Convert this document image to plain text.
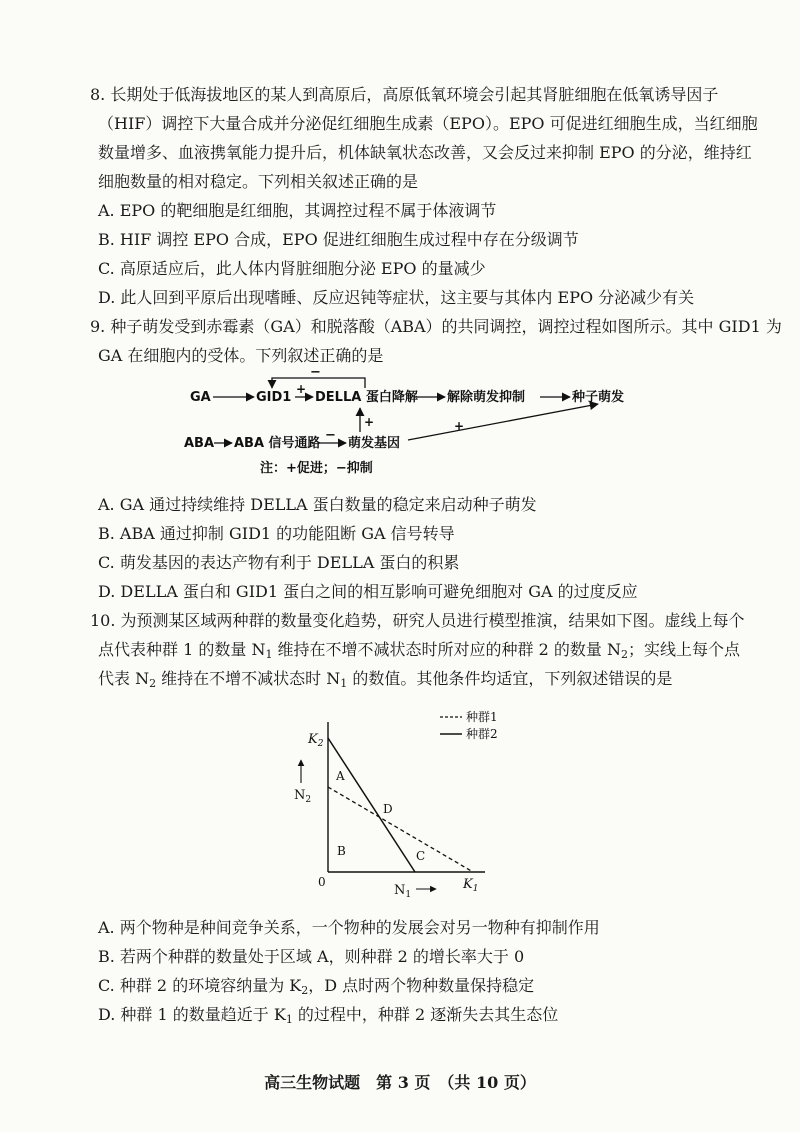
8. 长期处于低海拔地区的某人到高原后，高原低氧环境会引起其肾脏细胞在低氧诱导因子
（HIF）调控下大量合成并分泌促红细胞生成素（EPO）。EPO 可促进红细胞生成，当红细胞
数量增多、血液携氧能力提升后，机体缺氧状态改善，又会反过来抑制 EPO 的分泌，维持红
细胞数量的相对稳定。下列相关叙述正确的是
A. EPO 的靶细胞是红细胞，其调控过程不属于体液调节
B. HIF 调控 EPO 合成，EPO 促进红细胞生成过程中存在分级调节
C. 高原适应后，此人体内肾脏细胞分泌 EPO 的量减少
D. 此人回到平原后出现嗜睡、反应迟钝等症状，这主要与其体内 EPO 分泌减少有关
9. 种子萌发受到赤霉素（GA）和脱落酸（ABA）的共同调控，调控过程如图所示。其中 GID1 为
GA 在细胞内的受体。下列叙述正确的是
GA	GID1
+
DELLA 蛋白降解
−
解除萌发抑制	种子萌发
ABA ABA 信号通路
−
萌发基因
+	+
注：+促进；−抑制
A. GA 通过持续维持 DELLA 蛋白数量的稳定来启动种子萌发
B. ABA 通过抑制 GID1 的功能阻断 GA 信号转导
C. 萌发基因的表达产物有利于 DELLA 蛋白的积累
D. DELLA 蛋白和 GID1 蛋白之间的相互影响可避免细胞对 GA 的过度反应
10. 为预测某区域两种群的数量变化趋势，研究人员进行模型推演，结果如下图。虚线上每个
点代表种群 1 的数量 $N_1$ 维持在不增不减状态时所对应的种群 2 的数量 $N_2$；实线上每个点
代表 $N_2$ 维持在不增不减状态时 $N_1$ 的数值。其他条件均适宜，下列叙述错误的是
$K_2$
$K_1$
$N_2$
$N_1$
0
A
B	C
D
种群1
种群2
A. 两个物种是种间竞争关系，一个物种的发展会对另一物种有抑制作用
B. 若两个种群的数量处于区域 A，则种群 2 的增长率大于 0
C. 种群 2 的环境容纳量为 $K_2$，D 点时两个物种数量保持稳定
D. 种群 1 的数量趋近于 $K_1$ 的过程中，种群 2 逐渐失去其生态位
高三生物试题　第 3 页　（共 10 页）
